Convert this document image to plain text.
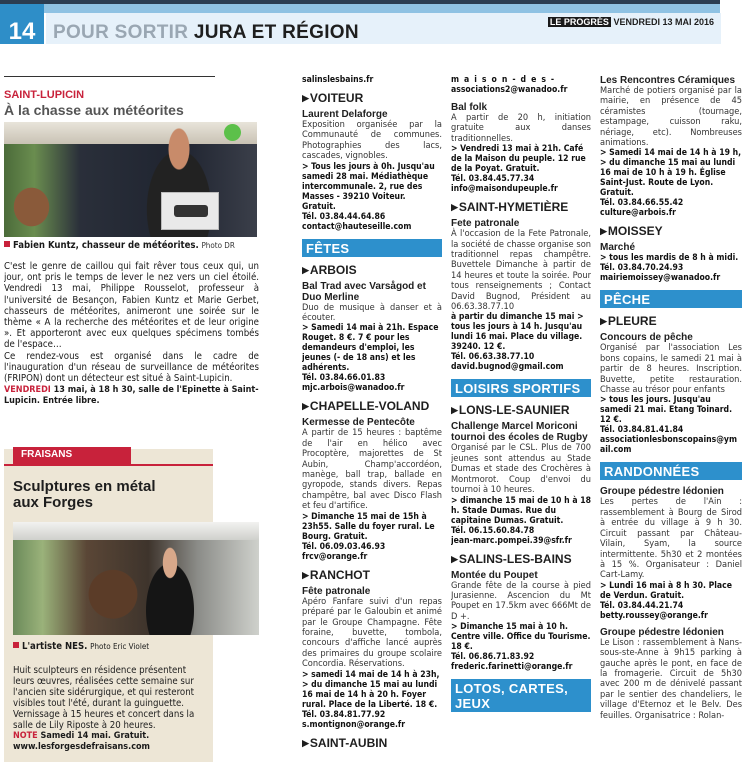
14 POUR SORTIR JURA ET RÉGION	LE PROGRÈS VENDREDI 13 MAI 2016
SAINT-LUPICIN
À la chasse aux météorites
Fabien Kuntz, chasseur de météorites. Photo DR
C'est le genre de caillou qui fait rêver tous ceux qui, un jour, ont pris le temps de lever le nez vers un ciel étoilé. Vendredi 13 mai, Philippe Rousselot, professeur à l'université de Besançon, Fabien Kuntz et Marie Gerbet, chasseurs de météorites, animeront une soirée sur le thème « A la recherche des météorites et de leur origine ». Et apporteront avec eux quelques spécimens tombés de l'espace…
Ce rendez-vous est organisé dans le cadre de l'inauguration d'un réseau de surveillance de météorites (FRIPON) dont un détecteur est situé à Saint-Lupicin.
VENDREDI 13 mai, à 18 h 30, salle de l'Epinette à Saint-Lupicin. Entrée libre.
FRAISANS
Sculptures en métal
aux Forges
L'artiste NES. Photo Eric Violet
Huit sculpteurs en résidence présentent leurs œuvres, réalisées cette semaine sur l'ancien site sidérurgique, et qui resteront visibles tout l'été, durant la guinguette. Vernissage à 15 heures et concert dans la salle de Lily Riposte à 20 heures.
NOTE Samedi 14 mai. Gratuit.
www.lesforgesdefraisans.com
salinslesbains.fr
▶VOITEUR
Laurent Delaforge
Exposition organisée par la Communauté de communes. Photographies des lacs, cascades, vignobles.
> Tous les jours à 0h. Jusqu'au samedi 28 mai. Médiathèque intercommunale. 2, rue des Masses - 39210 Voiteur. Gratuit.
Tél. 03.84.44.64.86
contact@hauteseille.com
FÊTES
▶ARBOIS
Bal Trad avec Varsågod et Duo Merline
Duo de musique à danser et à écouter.
> Samedi 14 mai à 21h. Espace Rouget. 8 €. 7 € pour les demandeurs d'emploi, les jeunes (- de 18 ans) et les adhérents.
Tél. 03.84.66.01.83
mjc.arbois@wanadoo.fr
▶CHAPELLE-VOLAND
Kermesse de Pentecôte
A partir de 15 heures : baptême de l'air en hélico avec Procoptère, majorettes de St Aubin, Champ'accordéon, manège, ball trap, ballade en gyropode, stands divers. Repas champêtre, bal avec Disco Flash et feu d'artifice.
> Dimanche 15 mai de 15h à 23h55. Salle du foyer rural. Le Bourg. Gratuit.
Tél. 06.09.03.46.93
frcv@orange.fr
▶RANCHOT
Fête patronale
Apéro Fanfare suivi d'un repas préparé par le Galoubin et animé par le Groupe Champagne. Fête foraine, buvette, tombola, concours d'affiche lancé auprès des primaires du groupe scolaire Concordia. Réservations.
> samedi 14 mai de 14 h à 23h, > du dimanche 15 mai au lundi 16 mai de 14 h à 20 h. Foyer rural. Place de la Liberté. 18 €.
Tél. 03.84.81.77.92
s.montignon@orange.fr
▶SAINT-AUBIN
maison-des-
associations2@wanadoo.fr
Bal folk
A partir de 20 h, initiation gratuite aux danses traditionnelles.
> Vendredi 13 mai à 21h. Café de la Maison du peuple. 12 rue de la Poyat. Gratuit.
Tél. 03.84.45.77.34
info@maisondupeuple.fr
▶SAINT-HYMETIÈRE
Fete patronale
À l'occasion de la Fete Patronale, la société de chasse organise son traditionnel repas champêtre. Buvettele Dimanche à partir de 14 heures et toute la soirée. Pour tous renseignements ; Contact David Bugnod, Président au 06.63.38.77.10
à partir du dimanche 15 mai > tous les jours à 14 h. Jusqu'au lundi 16 mai. Place du village. 39240. 12 €.
Tél. 06.63.38.77.10
david.bugnod@gmail.com
LOISIRS SPORTIFS
▶LONS-LE-SAUNIER
Challenge Marcel Moriconi tournoi des écoles de Rugby
Organisé par le CSL. Plus de 700 jeunes sont attendus au Stade Dumas et stade des Crochères à Montmorot. Coup d'envoi du tournoi à 10 heures.
> dimanche 15 mai de 10 h à 18 h. Stade Dumas. Rue du capitaine Dumas. Gratuit.
Tél. 06.15.60.84.78
jean-marc.pompei.39@sfr.fr
▶SALINS-LES-BAINS
Montée du Poupet
Grande fête de la course à pied Jurasienne. Ascencion du Mt Poupet en 17.5km avec 666Mt de D +.
> Dimanche 15 mai à 10 h. Centre ville. Office du Tourisme. 18 €.
Tél. 06.86.71.83.92
frederic.farinetti@orange.fr
LOTOS, CARTES, JEUX
Les Rencontres Céramiques
Marché de potiers organisé par la mairie, en présence de 45 céramistes (tournage, estampage, cuisson raku, nériage, etc). Nombreuses animations.
> Samedi 14 mai de 14 h à 19 h, > du dimanche 15 mai au lundi 16 mai de 10 h à 19 h. Église Saint-Just. Route de Lyon. Gratuit.
Tél. 03.84.66.55.42
culture@arbois.fr
▶MOISSEY
Marché
> tous les mardis de 8 h à midi.
Tél. 03.84.70.24.93
mairiemoissey@wanadoo.fr
PÊCHE
▶PLEURE
Concours de pêche
Organisé par l'association Les bons copains, le samedi 21 mai à partir de 8 heures. Inscription. Buvette, petite restauration. Chasse au trésor pour enfants
> tous les jours. Jusqu'au samedi 21 mai. Etang Toinard. 12 €.
Tél. 03.84.81.41.84
associationlesbonscopains@ymail.com
RANDONNÉES
Groupe pédestre lédonien
Les pertes de l'Ain : rassemblement à Bourg de Sirod à entrée du village à 9 h 30. Circuit passant par Château-Vilain, Syam, la source intermittente. 5h30 et 2 montées à 15 %. Organisateur : Daniel Cart-Lamy.
> Lundi 16 mai à 8 h 30. Place de Verdun. Gratuit.
Tél. 03.84.44.21.74
betty.roussey@orange.fr
Groupe pédestre lédonien
Le Lison : rassemblement à Nans-sous-ste-Anne à 9h15 parking à gauche après le pont, en face de la fromagerie. Circuit de 5h30 avec 200 m de dénivelé passant par le sentier des chandeliers, le village d'Eternoz et le Belv. Des feuilles. Organisatrice : Rolan-
